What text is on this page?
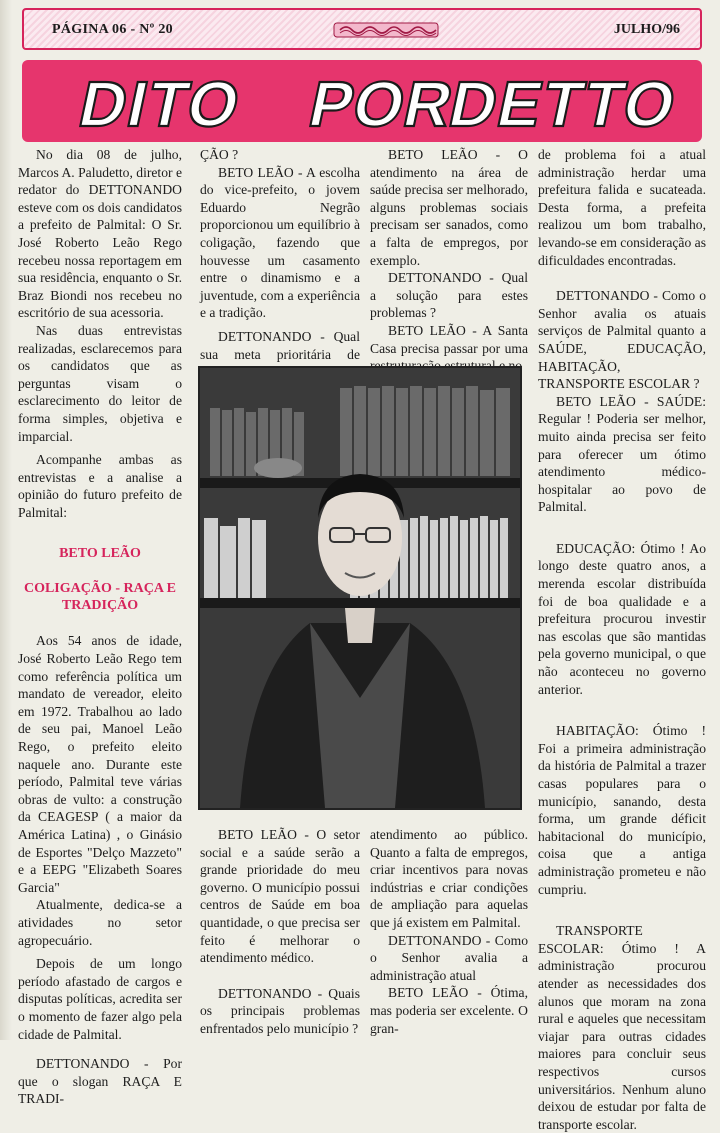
PÁGINA 06 - Nº 20	JULHO/96
DITO POR
DETTO

No dia 08 de julho, Marcos A. Paludetto, diretor e redator do DETTONANDO esteve com os dois candidatos a prefeito de Palmital: O Sr. José Roberto Leão Rego recebeu nossa reportagem em sua residência, enquanto o Sr. Braz Biondi nos recebeu no escritório de sua acessoria.

Nas duas entrevistas realizadas, esclarecemos para os candidatos que as perguntas visam o esclarecimento do leitor de forma simples, objetiva e imparcial.

Acompanhe ambas as entrevistas e a analise a opinião do futuro prefeito de Palmital:

BETO LEÃO

COLIGAÇÃO - RAÇA E TRADIÇÃO

Aos 54 anos de idade, José Roberto Leão Rego tem como referência política um mandato de vereador, eleito em 1972. Trabalhou ao lado de seu pai, Manoel Leão Rego, o prefeito eleito naquele ano. Durante este período, Palmital teve várias obras de vulto: a construção da CEAGESP ( a maior da América Latina) , o Ginásio de Esportes "Delço Mazzeto" e a EEPG "Elizabeth Soares Garcia"

Atualmente, dedica-se a atividades no setor agropecuário.

Depois de um longo período afastado de cargos e disputas políticas, acredita ser o momento de fazer algo pela cidade de Palmital.

DETTONANDO - Por que o slogan RAÇA E TRADI-

ÇÃO ?

BETO LEÃO - A escolha do vice-prefeito, o jovem Eduardo Negrão proporcionou um equilíbrio à coligação, fazendo que houvesse um casamento entre o dinamismo e a juventude, com a experiência e a tradição.

DETTONANDO - Qual sua meta prioritária de

BETO LEÃO - O atendimento na área de saúde precisa ser melhorado, alguns problemas sociais precisam ser sanados, como a falta de empregos, por exemplo.

DETTONANDO - Qual a solução para estes problemas ?

BETO LEÃO - A Santa Casa precisa passar por uma

BETO LEÃO - O setor social e a saúde serão a grande prioridade do meu governo. O município possui centros de Saúde em boa quantidade, o que precisa ser feito é melhorar o atendimento médico.

DETTONANDO - Quais os principais problemas enfrentados pelo município ?

atendimento ao público. Quanto a falta de empregos, criar incentivos para novas indústrias e criar condições de ampliação para aquelas que já existem em Palmital.

DETTONANDO - Como o Senhor avalia a administração atual

BETO LEÃO - Ótima, mas poderia ser excelente. O gran-

de problema foi a atual administração herdar uma prefeitura falida e sucateada. Desta forma, a prefeita realizou um bom trabalho, levando-se em consideração as dificuldades encontradas.

DETTONANDO - Como o Senhor avalia os atuais serviços de Palmital quanto a SAÚDE, EDUCAÇÃO, HABITAÇÃO, TRANSPORTE ESCOLAR ?

BETO LEÃO - SAÚDE: Regular ! Poderia ser melhor, muito ainda precisa ser feito para oferecer um ótimo atendimento médico-hospitalar ao povo de Palmital.

EDUCAÇÃO: Ótimo ! Ao longo deste quatro anos, a merenda escolar distribuída foi de boa qualidade e a prefeitura procurou investir nas escolas que são mantidas pela governo municipal, o que não aconteceu no governo anterior.

HABITAÇÃO: Ótimo ! Foi a primeira administração da história de Palmital a trazer casas populares para o município, sanando, desta forma, um grande déficit habitacional do município, coisa que a antiga administração prometeu e não cumpriu.

TRANSPORTE ESCOLAR: Ótimo ! A administração procurou atender as necessidades dos alunos que moram na zona rural e aqueles que necessitam viajar para outras cidades maiores para concluir seus respectivos cursos universitários. Nenhum aluno deixou de estudar por falta de transporte escolar.
